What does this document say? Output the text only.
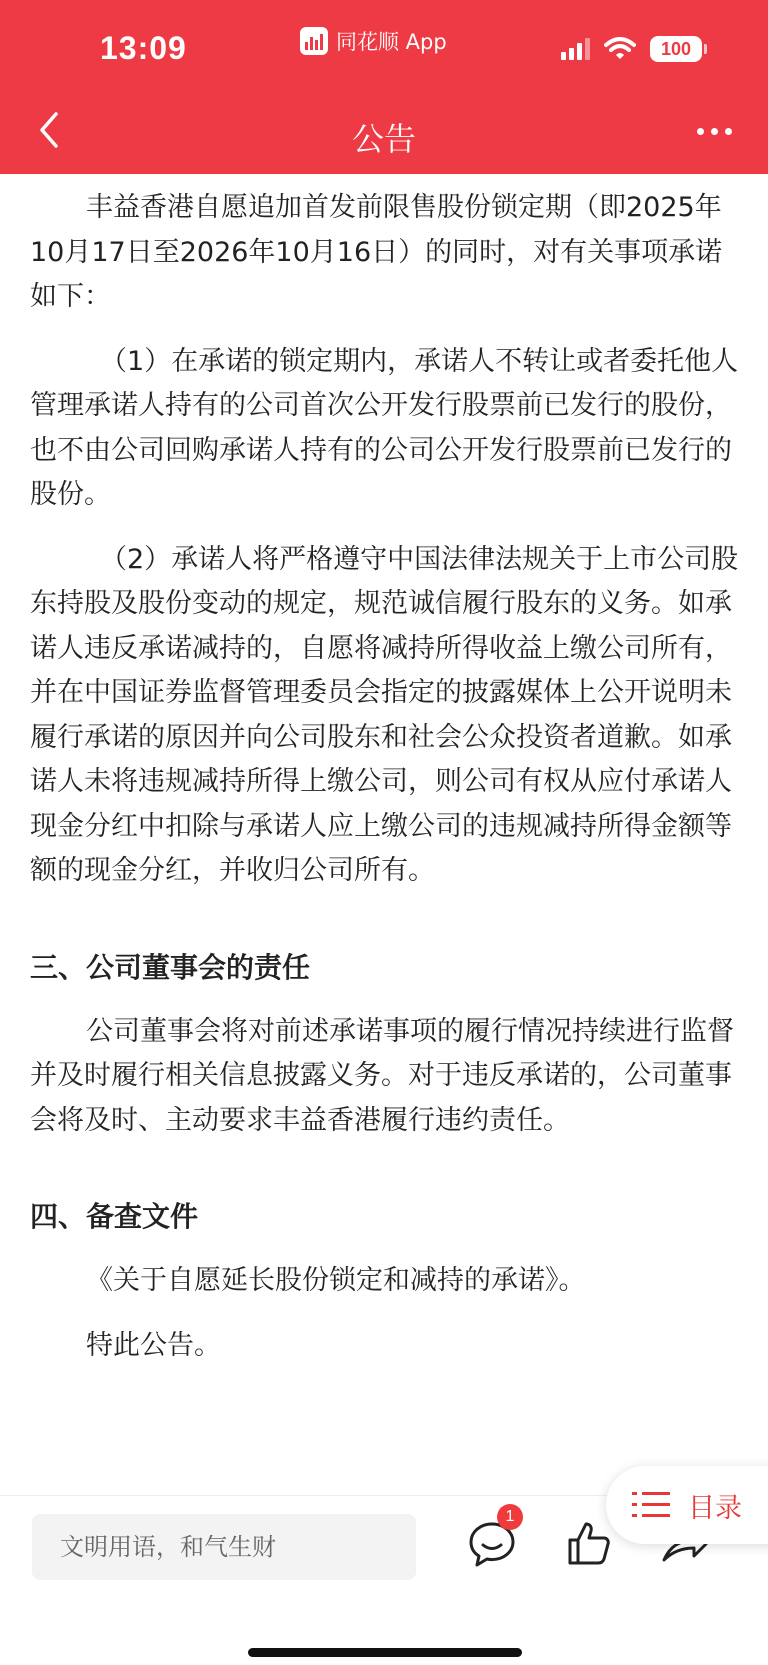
13:09	同花顺 App	100
公告

丰益香港自愿追加首发前限售股份锁定期（即2025年10月17日至2026年10月16日）的同时，对有关事项承诺如下：

（1）在承诺的锁定期内，承诺人不转让或者委托他人管理承诺人持有的公司首次公开发行股票前已发行的股份，也不由公司回购承诺人持有的公司公开发行股票前已发行的股份。

（2）承诺人将严格遵守中国法律法规关于上市公司股东持股及股份变动的规定，规范诚信履行股东的义务。如承诺人违反承诺减持的，自愿将减持所得收益上缴公司所有，并在中国证券监督管理委员会指定的披露媒体上公开说明未履行承诺的原因并向公司股东和社会公众投资者道歉。如承诺人未将违规减持所得上缴公司，则公司有权从应付承诺人现金分红中扣除与承诺人应上缴公司的违规减持所得金额等额的现金分红，并收归公司所有。

三、公司董事会的责任

公司董事会将对前述承诺事项的履行情况持续进行监督并及时履行相关信息披露义务。对于违反承诺的，公司董事会将及时、主动要求丰益香港履行违约责任。

四、备查文件

《关于自愿延长股份锁定和减持的承诺》。

特此公告。

文明用语，和气生财
1	目录
